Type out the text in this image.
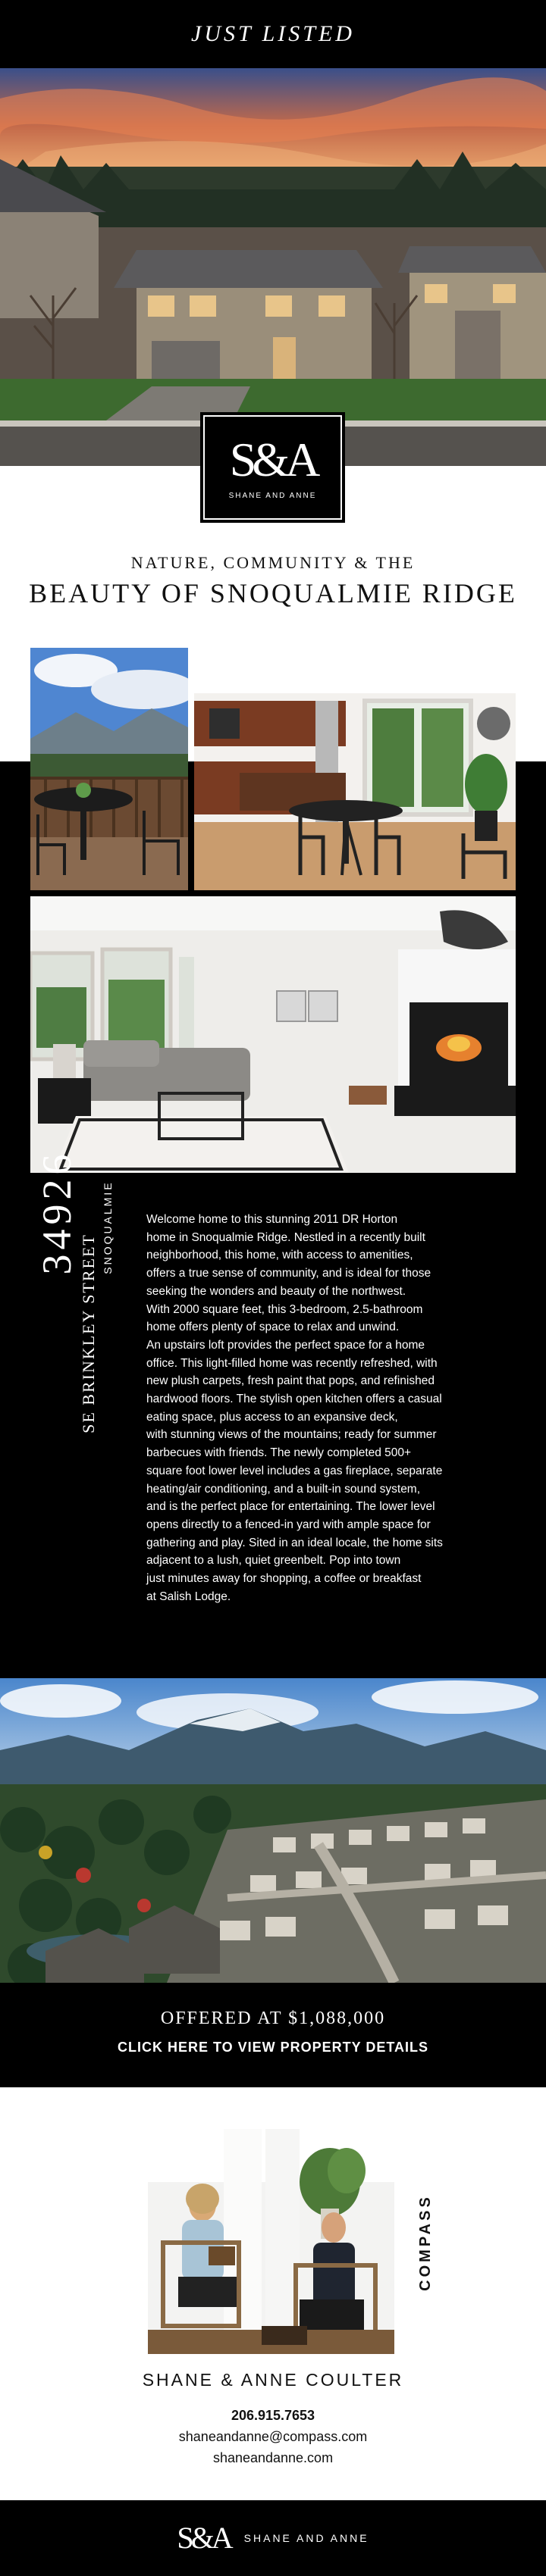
JUST LISTED
S&A
SHANE AND ANNE
NATURE, COMMUNITY & THE
BEAUTY OF SNOQUALMIE RIDGE
34926
SE BRINKLEY STREET
SNOQUALMIE	Welcome home to this stunning 2011 DR Horton
home in Snoqualmie Ridge. Nestled in a recently built
neighborhood, this home, with access to amenities,
offers a true sense of community, and is ideal for those
seeking the wonders and beauty of the northwest.
With 2000 square feet, this 3-bedroom, 2.5-bathroom
home offers plenty of space to relax and unwind.
An upstairs loft provides the perfect space for a home
office. This light-filled home was recently refreshed, with
new plush carpets, fresh paint that pops, and refinished
hardwood floors. The stylish open kitchen offers a casual
eating space, plus access to an expansive deck,
with stunning views of the mountains; ready for summer
barbecues with friends. The newly completed 500+
square foot lower level includes a gas fireplace, separate
heating/air conditioning, and a built-in sound system,
and is the perfect place for entertaining. The lower level
opens directly to a fenced-in yard with ample space for
gathering and play. Sited in an ideal locale, the home sits
adjacent to a lush, quiet greenbelt. Pop into town
just minutes away for shopping, a coffee or breakfast
at Salish Lodge.
OFFERED AT $1,088,000
CLICK HERE TO VIEW PROPERTY DETAILS
COMPASS
SHANE & ANNE COULTER
206.915.7653
shaneandanne@compass.com
shaneandanne.com
S&A SHANE AND ANNE
